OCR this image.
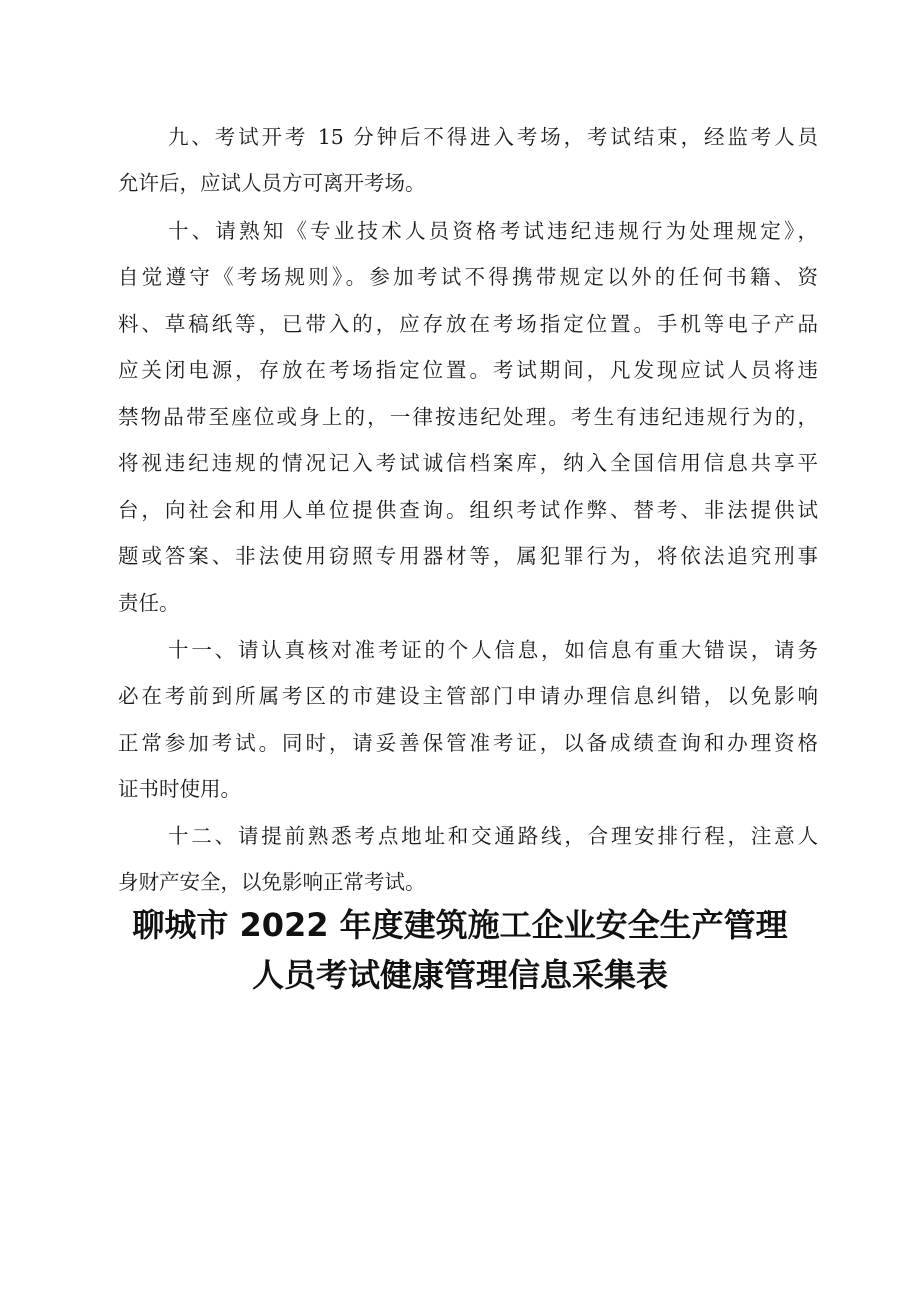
九、考试开考 15 分钟后不得进入考场，考试结束，经监考人员
允许后，应试人员方可离开考场。
十、请熟知《专业技术人员资格考试违纪违规行为处理规定》，
自觉遵守《考场规则》。参加考试不得携带规定以外的任何书籍、资
料、草稿纸等，已带入的，应存放在考场指定位置。手机等电子产品
应关闭电源，存放在考场指定位置。考试期间，凡发现应试人员将违
禁物品带至座位或身上的，一律按违纪处理。考生有违纪违规行为的，
将视违纪违规的情况记入考试诚信档案库，纳入全国信用信息共享平
台，向社会和用人单位提供查询。组织考试作弊、替考、非法提供试
题或答案、非法使用窃照专用器材等，属犯罪行为，将依法追究刑事
责任。
十一、请认真核对准考证的个人信息，如信息有重大错误，请务
必在考前到所属考区的市建设主管部门申请办理信息纠错，以免影响
正常参加考试。同时，请妥善保管准考证，以备成绩查询和办理资格
证书时使用。
十二、请提前熟悉考点地址和交通路线，合理安排行程，注意人
身财产安全，以免影响正常考试。
聊城市 2022 年度建筑施工企业安全生产管理
人员考试健康管理信息采集表
